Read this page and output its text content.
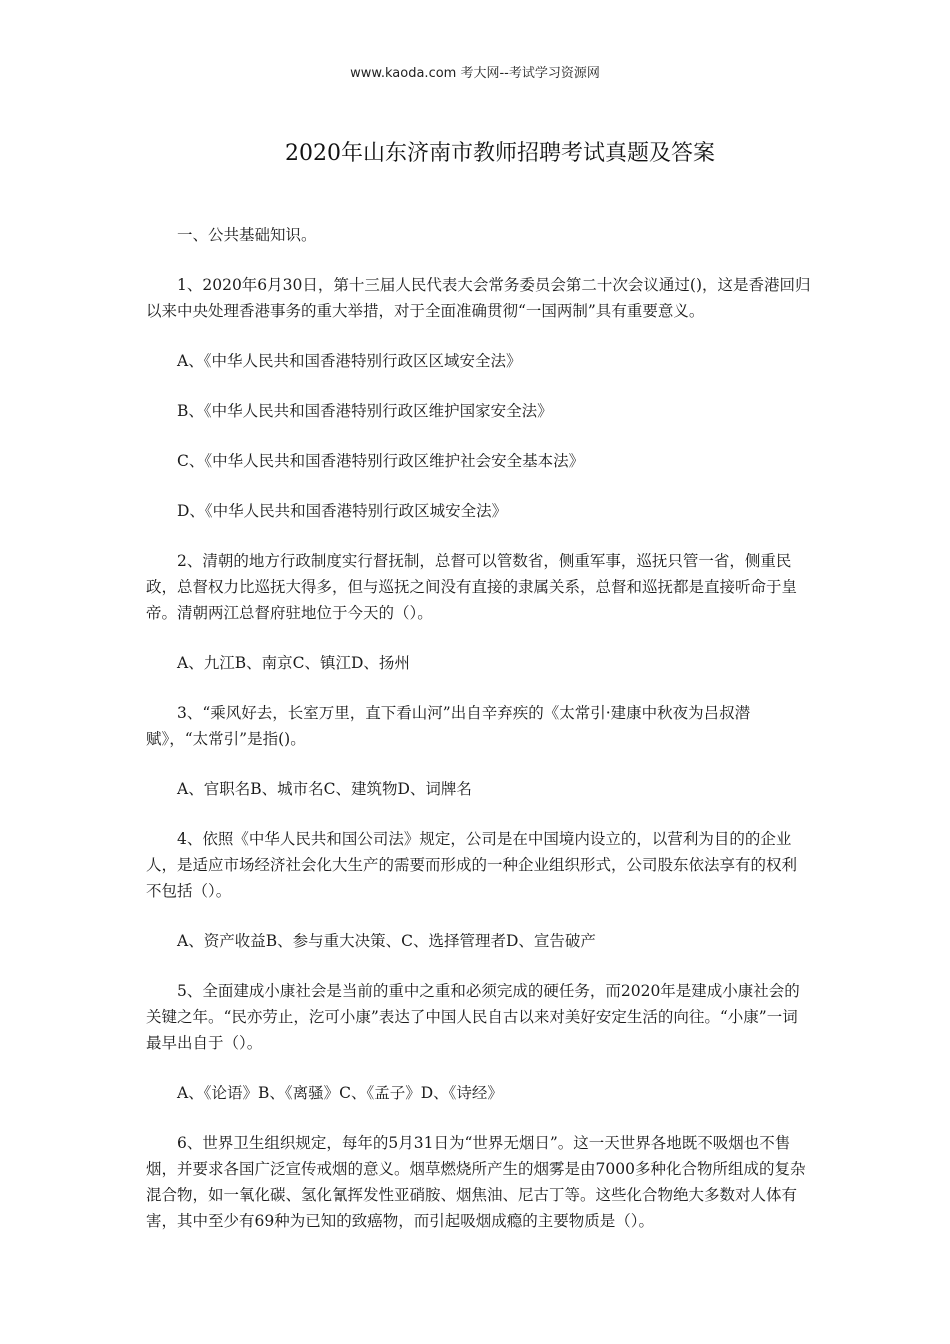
www.kaoda.com 考大网--考试学习资源网
2020年山东济南市教师招聘考试真题及答案

一、公共基础知识。

1、2020年6月30日，第十三届人民代表大会常务委员会第二十次会议通过()，这是香港回归以来中央处理香港事务的重大举措，对于全面准确贯彻“一国两制”具有重要意义。

A、《中华人民共和国香港特别行政区区域安全法》

B、《中华人民共和国香港特别行政区维护国家安全法》

C、《中华人民共和国香港特别行政区维护社会安全基本法》

D、《中华人民共和国香港特别行政区城安全法》

2、清朝的地方行政制度实行督抚制，总督可以管数省，侧重军事，巡抚只管一省，侧重民政，总督权力比巡抚大得多，但与巡抚之间没有直接的隶属关系，总督和巡抚都是直接听命于皇帝。清朝两江总督府驻地位于今天的（）。

A、九江B、南京C、镇江D、扬州

3、“乘风好去，长室万里，直下看山河”出自辛弃疾的《太常引·建康中秋夜为吕叔潜赋》，“太常引”是指()。

A、官职名B、城市名C、建筑物D、词牌名

4、依照《中华人民共和国公司法》规定，公司是在中国境内设立的，以营利为目的的企业人，是适应市场经济社会化大生产的需要而形成的一种企业组织形式，公司股东依法享有的权利不包括（）。

A、资产收益B、参与重大决策、C、选择管理者D、宣告破产

5、全面建成小康社会是当前的重中之重和必须完成的硬任务，而2020年是建成小康社会的关键之年。“民亦劳止，汔可小康”表达了中国人民自古以来对美好安定生活的向往。“小康”一词最早出自于（）。

A、《论语》B、《离骚》C、《孟子》D、《诗经》

6、世界卫生组织规定，每年的5月31日为“世界无烟日”。这一天世界各地既不吸烟也不售烟，并要求各国广泛宣传戒烟的意义。烟草燃烧所产生的烟雾是由7000多种化合物所组成的复杂混合物，如一氧化碳、氢化氰挥发性亚硝胺、烟焦油、尼古丁等。这些化合物绝大多数对人体有害，其中至少有69种为已知的致癌物，而引起吸烟成瘾的主要物质是（）。
